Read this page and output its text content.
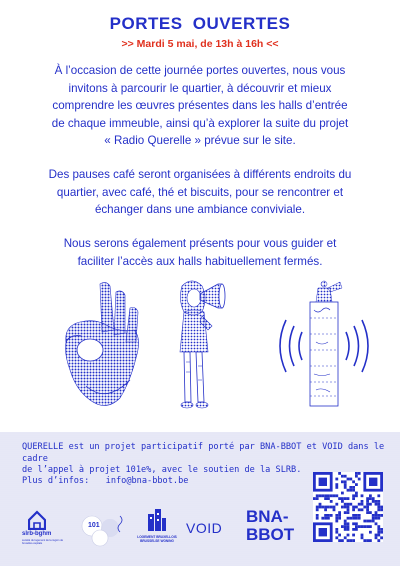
PORTES OUVERTES
>> Mardi 5 mai, de 13h à 16h <<
À l’occasion de cette journée portes ouvertes, nous vous
invitons à parcourir le quartier, à découvrir et mieux
comprendre les œuvres présentes dans les halls d’entrée
de chaque immeuble, ainsi qu’à explorer la suite du projet
« Radio Querelle » prévue sur le site.
Des pauses café seront organisées à différents endroits du
quartier, avec café, thé et biscuits, pour se rencontrer et
échanger dans une ambiance conviviale.
Nous serons également présents pour vous guider et
faciliter l’accès aux halls habituellement fermés.
QUERELLE est un projet participatif porté par BNA-BBOT et VOID dans le cadre
de l’appel à projet 101e%, avec le soutien de la SLRB.
Plus d’infos: info@bna-bbot.be
slrb-bghm
société du logement de la région de bruxelles-capitale
101
LOGEMENT BRUXELLOIS
BRUSSELSE WONING
VOID
BNA-
BBOT
